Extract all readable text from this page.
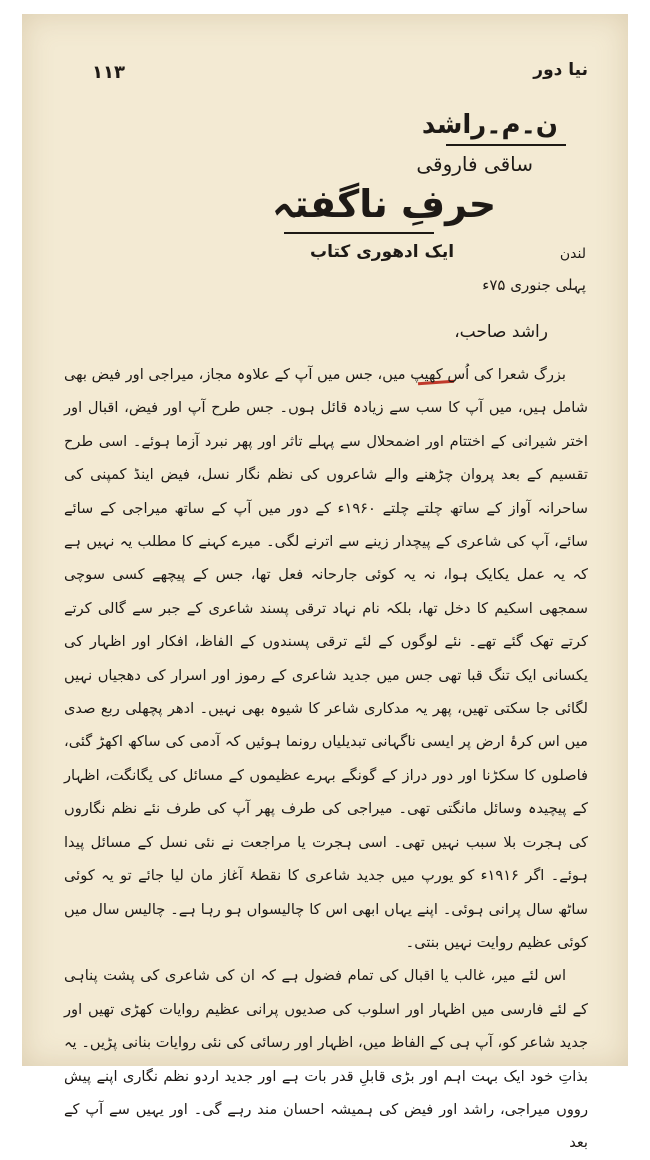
۱۱۳	نیا دور
ن۔م۔راشد
ساقی فاروقی
حرفِ ناگفتہ
ایک ادھوری کتاب	لندن
پہلی جنوری ۷۵ء
راشد صاحب،

بزرگ شعرا کی اُس کھیپ میں، جس میں آپ کے علاوہ مجاز، میراجی اور فیض بھی شامل ہیں، میں آپ کا سب سے زیادہ قائل ہوں۔ جس طرح آپ اور فیض، اقبال اور اختر شیرانی کے اختتام اور اضمحلال سے پہلے تاثر اور پھر نبرد آزما ہوئے۔ اسی طرح تقسیم کے بعد پروان چڑھنے والے شاعروں کی نظم نگار نسل، فیض اینڈ کمپنی کی ساحرانہ آواز کے ساتھ چلتے چلتے ۱۹۶۰ء کے دور میں آپ کے ساتھ میراجی کے سائے سائے، آپ کی شاعری کے پیچدار زینے سے اترنے لگی۔ میرے کہنے کا مطلب یہ نہیں ہے کہ یہ عمل یکایک ہوا، نہ یہ کوئی جارحانہ فعل تھا، جس کے پیچھے کسی سوچی سمجھی اسکیم کا دخل تھا، بلکہ نام نہاد ترقی پسند شاعری کے جبر سے گالی کرتے کرتے تھک گئے تھے۔ نئے لوگوں کے لئے ترقی پسندوں کے الفاظ، افکار اور اظہار کی یکسانی ایک تنگ قبا تھی جس میں جدید شاعری کے رموز اور اسرار کی دھجیاں نہیں لگائی جا سکتی تھیں، پھر یہ مدکاری شاعر کا شیوہ بھی نہیں۔ ادھر پچھلی ربع صدی میں اس کرۂ ارض پر ایسی ناگہانی تبدیلیاں رونما ہوئیں کہ آدمی کی ساکھ اکھڑ گئی، فاصلوں کا سکڑنا اور دور دراز کے گونگے بہرے عظیموں کے مسائل کی یگانگت، اظہار کے پیچیدہ وسائل مانگتی تھی۔ میراجی کی طرف پھر آپ کی طرف نئے نظم نگاروں کی ہجرت بلا سبب نہیں تھی۔ اسی ہجرت یا مراجعت نے نئی نسل کے مسائل پیدا ہوئے۔ اگر ۱۹۱۶ء کو یورپ میں جدید شاعری کا نقطۂ آغاز مان لیا جائے تو یہ کوئی ساٹھ سال پرانی ہوئی۔ اپنے یہاں ابھی اس کا چالیسواں ہو رہا ہے۔ چالیس سال میں کوئی عظیم روایت نہیں بنتی۔

اس لئے میر، غالب یا اقبال کی تمام فضول ہے کہ ان کی شاعری کی پشت پناہی کے لئے فارسی میں اظہار اور اسلوب کی صدیوں پرانی عظیم روایات کھڑی تھیں اور جدید شاعر کو، آپ ہی کے الفاظ میں، اظہار اور رسائی کی نئی روایات بنانی پڑیں۔ یہ بذاتِ خود ایک بہت اہم اور بڑی قابلِ قدر بات ہے اور جدید اردو نظم نگاری اپنے پیش رووں میراجی، راشد اور فیض کی ہمیشہ احسان مند رہے گی۔ اور یہیں سے آپ کے بعد
